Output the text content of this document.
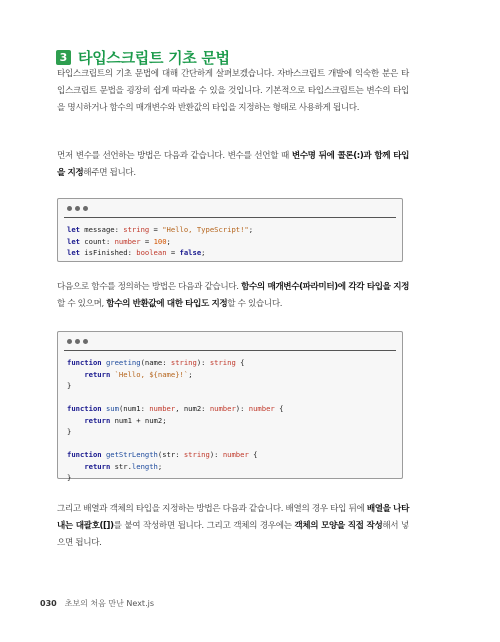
3 타입스크립트 기초 문법

타입스크립트의 기초 문법에 대해 간단하게 살펴보겠습니다. 자바스크립트 개발에 익숙한 분은 타입스크립트 문법을 굉장히 쉽게 따라올 수 있을 것입니다. 기본적으로 타입스크립트는 변수의 타입을 명시하거나 함수의 매개변수와 반환값의 타입을 지정하는 형태로 사용하게 됩니다.

먼저 변수를 선언하는 방법은 다음과 같습니다. 변수를 선언할 때 변수명 뒤에 콜론(:)과 함께 타입을 지정해주면 됩니다.

let message: string = "Hello, TypeScript!";
let count: number = 100;
let isFinished: boolean = false;

다음으로 함수를 정의하는 방법은 다음과 같습니다. 함수의 매개변수(파라미터)에 각각 타입을 지정할 수 있으며, 함수의 반환값에 대한 타입도 지정할 수 있습니다.

function greeting(name: string): string {
return `Hello, ${name}!`;
}
function sum(num1: number, num2: number): number {
return num1 + num2;
}
function getStrLength(str: string): number {
return str.length;
}

그리고 배열과 객체의 타입을 지정하는 방법은 다음과 같습니다. 배열의 경우 타입 뒤에 배열을 나타내는 대괄호([])를 붙여 작성하면 됩니다. 그리고 객체의 경우에는 객체의 모양을 직접 작성해서 넣으면 됩니다.

030 초보의 처음 만난 Next.js
